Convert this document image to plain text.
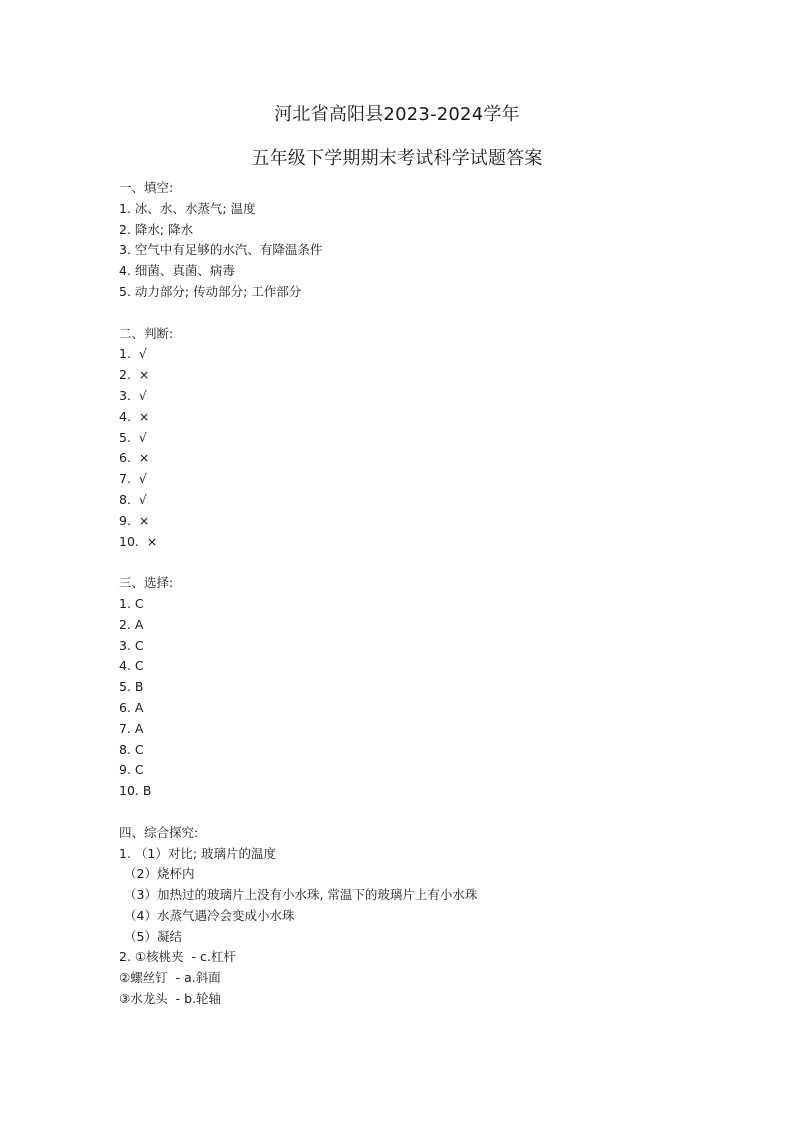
河北省高阳县2023-2024学年
五年级下学期期末考试科学试题答案
一、填空:
1. 冰、水、水蒸气; 温度
2. 降水; 降水
3. 空气中有足够的水汽、有降温条件
4. 细菌、真菌、病毒
5. 动力部分; 传动部分; 工作部分
二、判断:
1.  √
2.  ×
3.  √
4.  ×
5.  √
6.  ×
7.  √
8.  √
9.  ×
10.  ×
三、选择:
1. C
2. A
3. C
4. C
5. B
6. A
7. A
8. C
9. C
10. B
四、综合探究:
1. （1）对比; 玻璃片的温度
（2）烧杯内
（3）加热过的玻璃片上没有小水珠, 常温下的玻璃片上有小水珠
（4）水蒸气遇冷会变成小水珠
（5）凝结
2. ①核桃夹  - c.杠杆
②螺丝钉  - a.斜面
③水龙头  - b.轮轴
